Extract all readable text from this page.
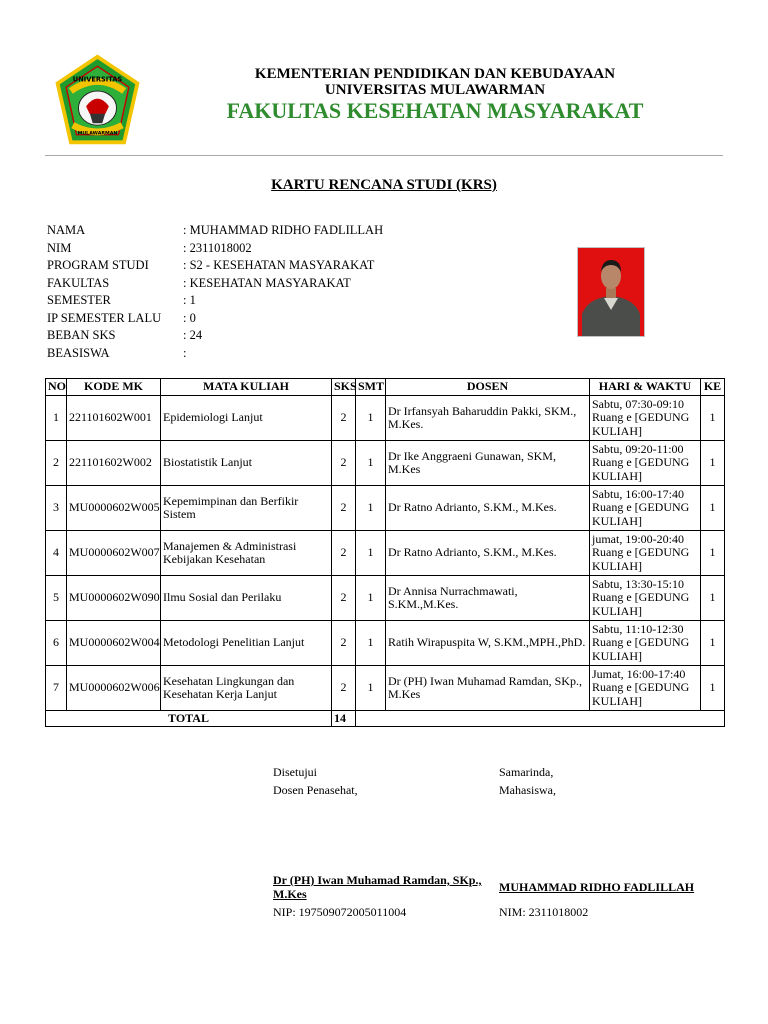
UNIVERSITAS
MULAWARMAN
KEMENTERIAN PENDIDIKAN DAN KEBUDAYAAN
UNIVERSITAS MULAWARMAN
FAKULTAS KESEHATAN MASYARAKAT
KARTU RENCANA STUDI (KRS)
NAMA	: MUHAMMAD RIDHO FADLILLAH
NIM	: 2311018002
PROGRAM STUDI	: S2 - KESEHATAN MASYARAKAT
FAKULTAS	: KESEHATAN MASYARAKAT
SEMESTER	: 1
IP SEMESTER LALU	: 0
BEBAN SKS	: 24
BEASISWA	:
NO	KODE MK	MATA KULIAH	SKS	SMT	DOSEN	HARI & WAKTU	KE
1	221101602W001	Epidemiologi Lanjut	2	1	Dr Irfansyah Baharuddin Pakki, SKM., M.Kes.	Sabtu, 07:30-09:10 Ruang e [GEDUNG KULIAH]	1
2	221101602W002	Biostatistik Lanjut	2	1	Dr Ike Anggraeni Gunawan, SKM, M.Kes	Sabtu, 09:20-11:00 Ruang e [GEDUNG KULIAH]	1
3	MU0000602W005	Kepemimpinan dan Berfikir Sistem	2	1	Dr Ratno Adrianto, S.KM., M.Kes.	Sabtu, 16:00-17:40 Ruang e [GEDUNG KULIAH]	1
4	MU0000602W007	Manajemen & Administrasi Kebijakan Kesehatan	2	1	Dr Ratno Adrianto, S.KM., M.Kes.	jumat, 19:00-20:40 Ruang e [GEDUNG KULIAH]	1
5	MU0000602W090	Ilmu Sosial dan Perilaku	2	1	Dr Annisa Nurrachmawati, S.KM.,M.Kes.	Sabtu, 13:30-15:10 Ruang e [GEDUNG KULIAH]	1
6	MU0000602W004	Metodologi Penelitian Lanjut	2	1	Ratih Wirapuspita W, S.KM.,MPH.,PhD.	Sabtu, 11:10-12:30 Ruang e [GEDUNG KULIAH]	1
7	MU0000602W006	Kesehatan Lingkungan dan Kesehatan Kerja Lanjut	2	1	Dr (PH) Iwan Muhamad Ramdan, SKp., M.Kes	Jumat, 16:00-17:40 Ruang e [GEDUNG KULIAH]	1
TOTAL			14				
Disetujui
Dosen Penasehat,
Dr (PH) Iwan Muhamad Ramdan, SKp., M.Kes
NIP: 197509072005011004
Samarinda,
Mahasiswa,
MUHAMMAD RIDHO FADLILLAH
NIM: 2311018002
